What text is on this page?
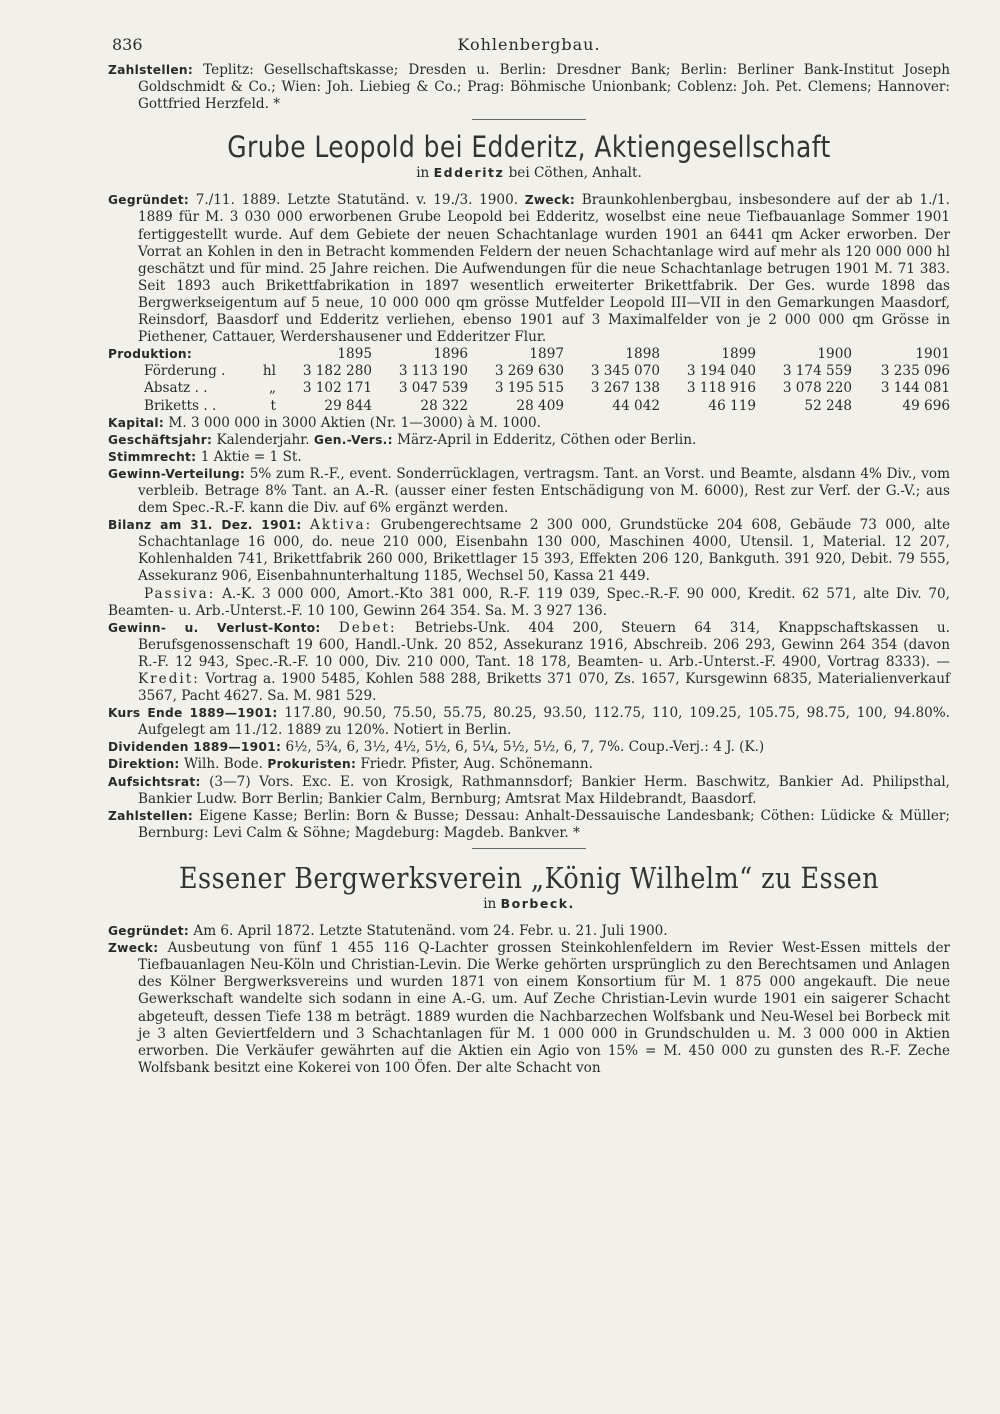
836	Kohlenbergbau.

Zahlstellen: Teplitz: Gesellschaftskasse; Dresden u. Berlin: Dresdner Bank; Berlin: Berliner Bank-Institut Joseph Goldschmidt & Co.; Wien: Joh. Liebieg & Co.; Prag: Böhmische Unionbank; Coblenz: Joh. Pet. Clemens; Hannover: Gottfried Herzfeld. *

Grube Leopold bei Edderitz, Aktiengesellschaft
in Edderitz bei Cöthen, Anhalt.

Gegründet: 7./11. 1889. Letzte Statutänd. v. 19./3. 1900. Zweck: Braunkohlenbergbau, insbesondere auf der ab 1./1. 1889 für M. 3 030 000 erworbenen Grube Leopold bei Edderitz, woselbst eine neue Tiefbauanlage Sommer 1901 fertiggestellt wurde. Auf dem Gebiete der neuen Schachtanlage wurden 1901 an 6441 qm Acker erworben. Der Vorrat an Kohlen in den in Betracht kommenden Feldern der neuen Schachtanlage wird auf mehr als 120 000 000 hl geschätzt und für mind. 25 Jahre reichen. Die Aufwendungen für die neue Schachtanlage betrugen 1901 M. 71 383. Seit 1893 auch Brikettfabrikation in 1897 wesentlich erweiterter Brikettfabrik. Der Ges. wurde 1898 das Bergwerkseigentum auf 5 neue, 10 000 000 qm grösse Mutfelder Leopold III—VII in den Gemarkungen Maasdorf, Reinsdorf, Baasdorf und Edderitz verliehen, ebenso 1901 auf 3 Maximalfelder von je 2 000 000 qm Grösse in Piethener, Cattauer, Werdershausener und Edderitzer Flur.

Produktion:	1895	1896	1897	1898	1899	1900	1901
Förderung . hl	3 182 280	3 113 190	3 269 630	3 345 070	3 194 040	3 174 559	3 235 096
Absatz . . „	3 102 171	3 047 539	3 195 515	3 267 138	3 118 916	3 078 220	3 144 081
Briketts . . t	29 844	28 322	28 409	44 042	46 119	52 248	49 696

Kapital: M. 3 000 000 in 3000 Aktien (Nr. 1—3000) à M. 1000.

Geschäftsjahr: Kalenderjahr. Gen.-Vers.: März-April in Edderitz, Cöthen oder Berlin.

Stimmrecht: 1 Aktie = 1 St.

Gewinn-Verteilung: 5% zum R.-F., event. Sonderrücklagen, vertragsm. Tant. an Vorst. und Beamte, alsdann 4% Div., vom verbleib. Betrage 8% Tant. an A.-R. (ausser einer festen Entschädigung von M. 6000), Rest zur Verf. der G.-V.; aus dem Spec.-R.-F. kann die Div. auf 6% ergänzt werden.

Bilanz am 31. Dez. 1901: Aktiva: Grubengerechtsame 2 300 000, Grundstücke 204 608, Gebäude 73 000, alte Schachtanlage 16 000, do. neue 210 000, Eisenbahn 130 000, Maschinen 4000, Utensil. 1, Material. 12 207, Kohlenhalden 741, Brikettfabrik 260 000, Brikettlager 15 393, Effekten 206 120, Bankguth. 391 920, Debit. 79 555, Assekuranz 906, Eisenbahnunterhaltung 1185, Wechsel 50, Kassa 21 449.

Passiva: A.-K. 3 000 000, Amort.-Kto 381 000, R.-F. 119 039, Spec.-R.-F. 90 000, Kredit. 62 571, alte Div. 70, Beamten- u. Arb.-Unterst.-F. 10 100, Gewinn 264 354. Sa. M. 3 927 136.

Gewinn- u. Verlust-Konto: Debet: Betriebs-Unk. 404 200, Steuern 64 314, Knappschaftskassen u. Berufsgenossenschaft 19 600, Handl.-Unk. 20 852, Assekuranz 1916, Abschreib. 206 293, Gewinn 264 354 (davon R.-F. 12 943, Spec.-R.-F. 10 000, Div. 210 000, Tant. 18 178, Beamten- u. Arb.-Unterst.-F. 4900, Vortrag 8333). — Kredit: Vortrag a. 1900 5485, Kohlen 588 288, Briketts 371 070, Zs. 1657, Kursgewinn 6835, Materialienverkauf 3567, Pacht 4627. Sa. M. 981 529.

Kurs Ende 1889—1901: 117.80, 90.50, 75.50, 55.75, 80.25, 93.50, 112.75, 110, 109.25, 105.75, 98.75, 100, 94.80%. Aufgelegt am 11./12. 1889 zu 120%. Notiert in Berlin.

Dividenden 1889—1901: 6½, 5¾, 6, 3½, 4½, 5½, 6, 5¼, 5½, 5½, 6, 7, 7%. Coup.-Verj.: 4 J. (K.)

Direktion: Wilh. Bode. Prokuristen: Friedr. Pfister, Aug. Schönemann.

Aufsichtsrat: (3—7) Vors. Exc. E. von Krosigk, Rathmannsdorf; Bankier Herm. Baschwitz, Bankier Ad. Philipsthal, Bankier Ludw. Borr Berlin; Bankier Calm, Bernburg; Amtsrat Max Hildebrandt, Baasdorf.

Zahlstellen: Eigene Kasse; Berlin: Born & Busse; Dessau: Anhalt-Dessauische Landesbank; Cöthen: Lüdicke & Müller; Bernburg: Levi Calm & Söhne; Magdeburg: Magdeb. Bankver. *

Essener Bergwerksverein „König Wilhelm“ zu Essen
in Borbeck.

Gegründet: Am 6. April 1872. Letzte Statutenänd. vom 24. Febr. u. 21. Juli 1900.

Zweck: Ausbeutung von fünf 1 455 116 Q-Lachter grossen Steinkohlenfeldern im Revier West-Essen mittels der Tiefbauanlagen Neu-Köln und Christian-Levin. Die Werke gehörten ursprünglich zu den Berechtsamen und Anlagen des Kölner Bergwerksvereins und wurden 1871 von einem Konsortium für M. 1 875 000 angekauft. Die neue Gewerkschaft wandelte sich sodann in eine A.-G. um. Auf Zeche Christian-Levin wurde 1901 ein saigerer Schacht abgeteuft, dessen Tiefe 138 m beträgt. 1889 wurden die Nachbarzechen Wolfsbank und Neu-Wesel bei Borbeck mit je 3 alten Geviertfeldern und 3 Schachtanlagen für M. 1 000 000 in Grundschulden u. M. 3 000 000 in Aktien erworben. Die Verkäufer gewährten auf die Aktien ein Agio von 15% = M. 450 000 zu gunsten des R.-F. Zeche Wolfsbank besitzt eine Kokerei von 100 Öfen. Der alte Schacht von
